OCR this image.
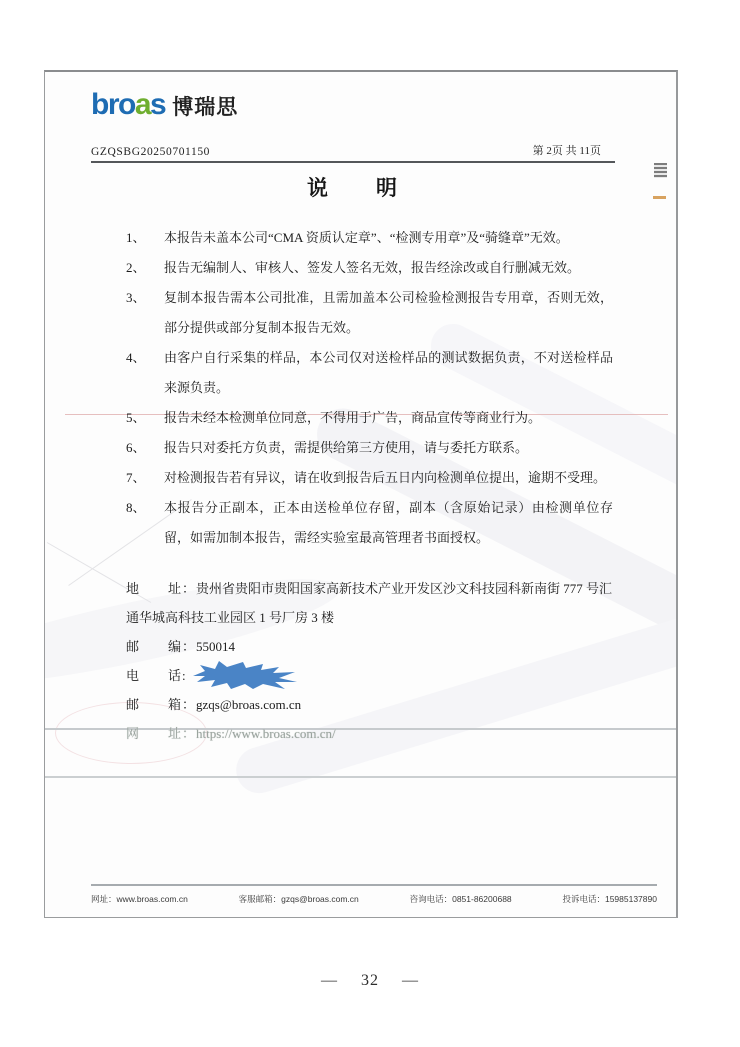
broas 博瑞思
GZQSBG20250701150	第 2页 共 11页
说　　明

1、 本报告未盖本公司“CMA 资质认定章”、“检测专用章”及“骑缝章”无效。

2、 报告无编制人、审核人、签发人签名无效，报告经涂改或自行删减无效。

3、 复制本报告需本公司批准，且需加盖本公司检验检测报告专用章，否则无效，部分提供或部分复制本报告无效。

4、 由客户自行采集的样品，本公司仅对送检样品的测试数据负责，不对送检样品来源负责。

5、 报告未经本检测单位同意，不得用于广告，商品宣传等商业行为。

6、 报告只对委托方负责，需提供给第三方使用，请与委托方联系。

7、 对检测报告若有异议，请在收到报告后五日内向检测单位提出，逾期不受理。

8、 本报告分正副本，正本由送检单位存留，副本（含原始记录）由检测单位存留，如需加制本报告，需经实验室最高管理者书面授权。

地　　址：贵州省贵阳市贵阳国家高新技术产业开发区沙文科技园科新南街 777 号汇通华城高科技工业园区 1 号厂房 3 楼

邮　　编：550014

电　　话:

邮　　箱：gzqs@broas.com.cn

网　　址：https://www.broas.com.cn/

网址：www.broas.com.cn	客服邮箱：gzqs@broas.com.cn	咨询电话：0851-86200688	投诉电话：15985137890
— 32 —
